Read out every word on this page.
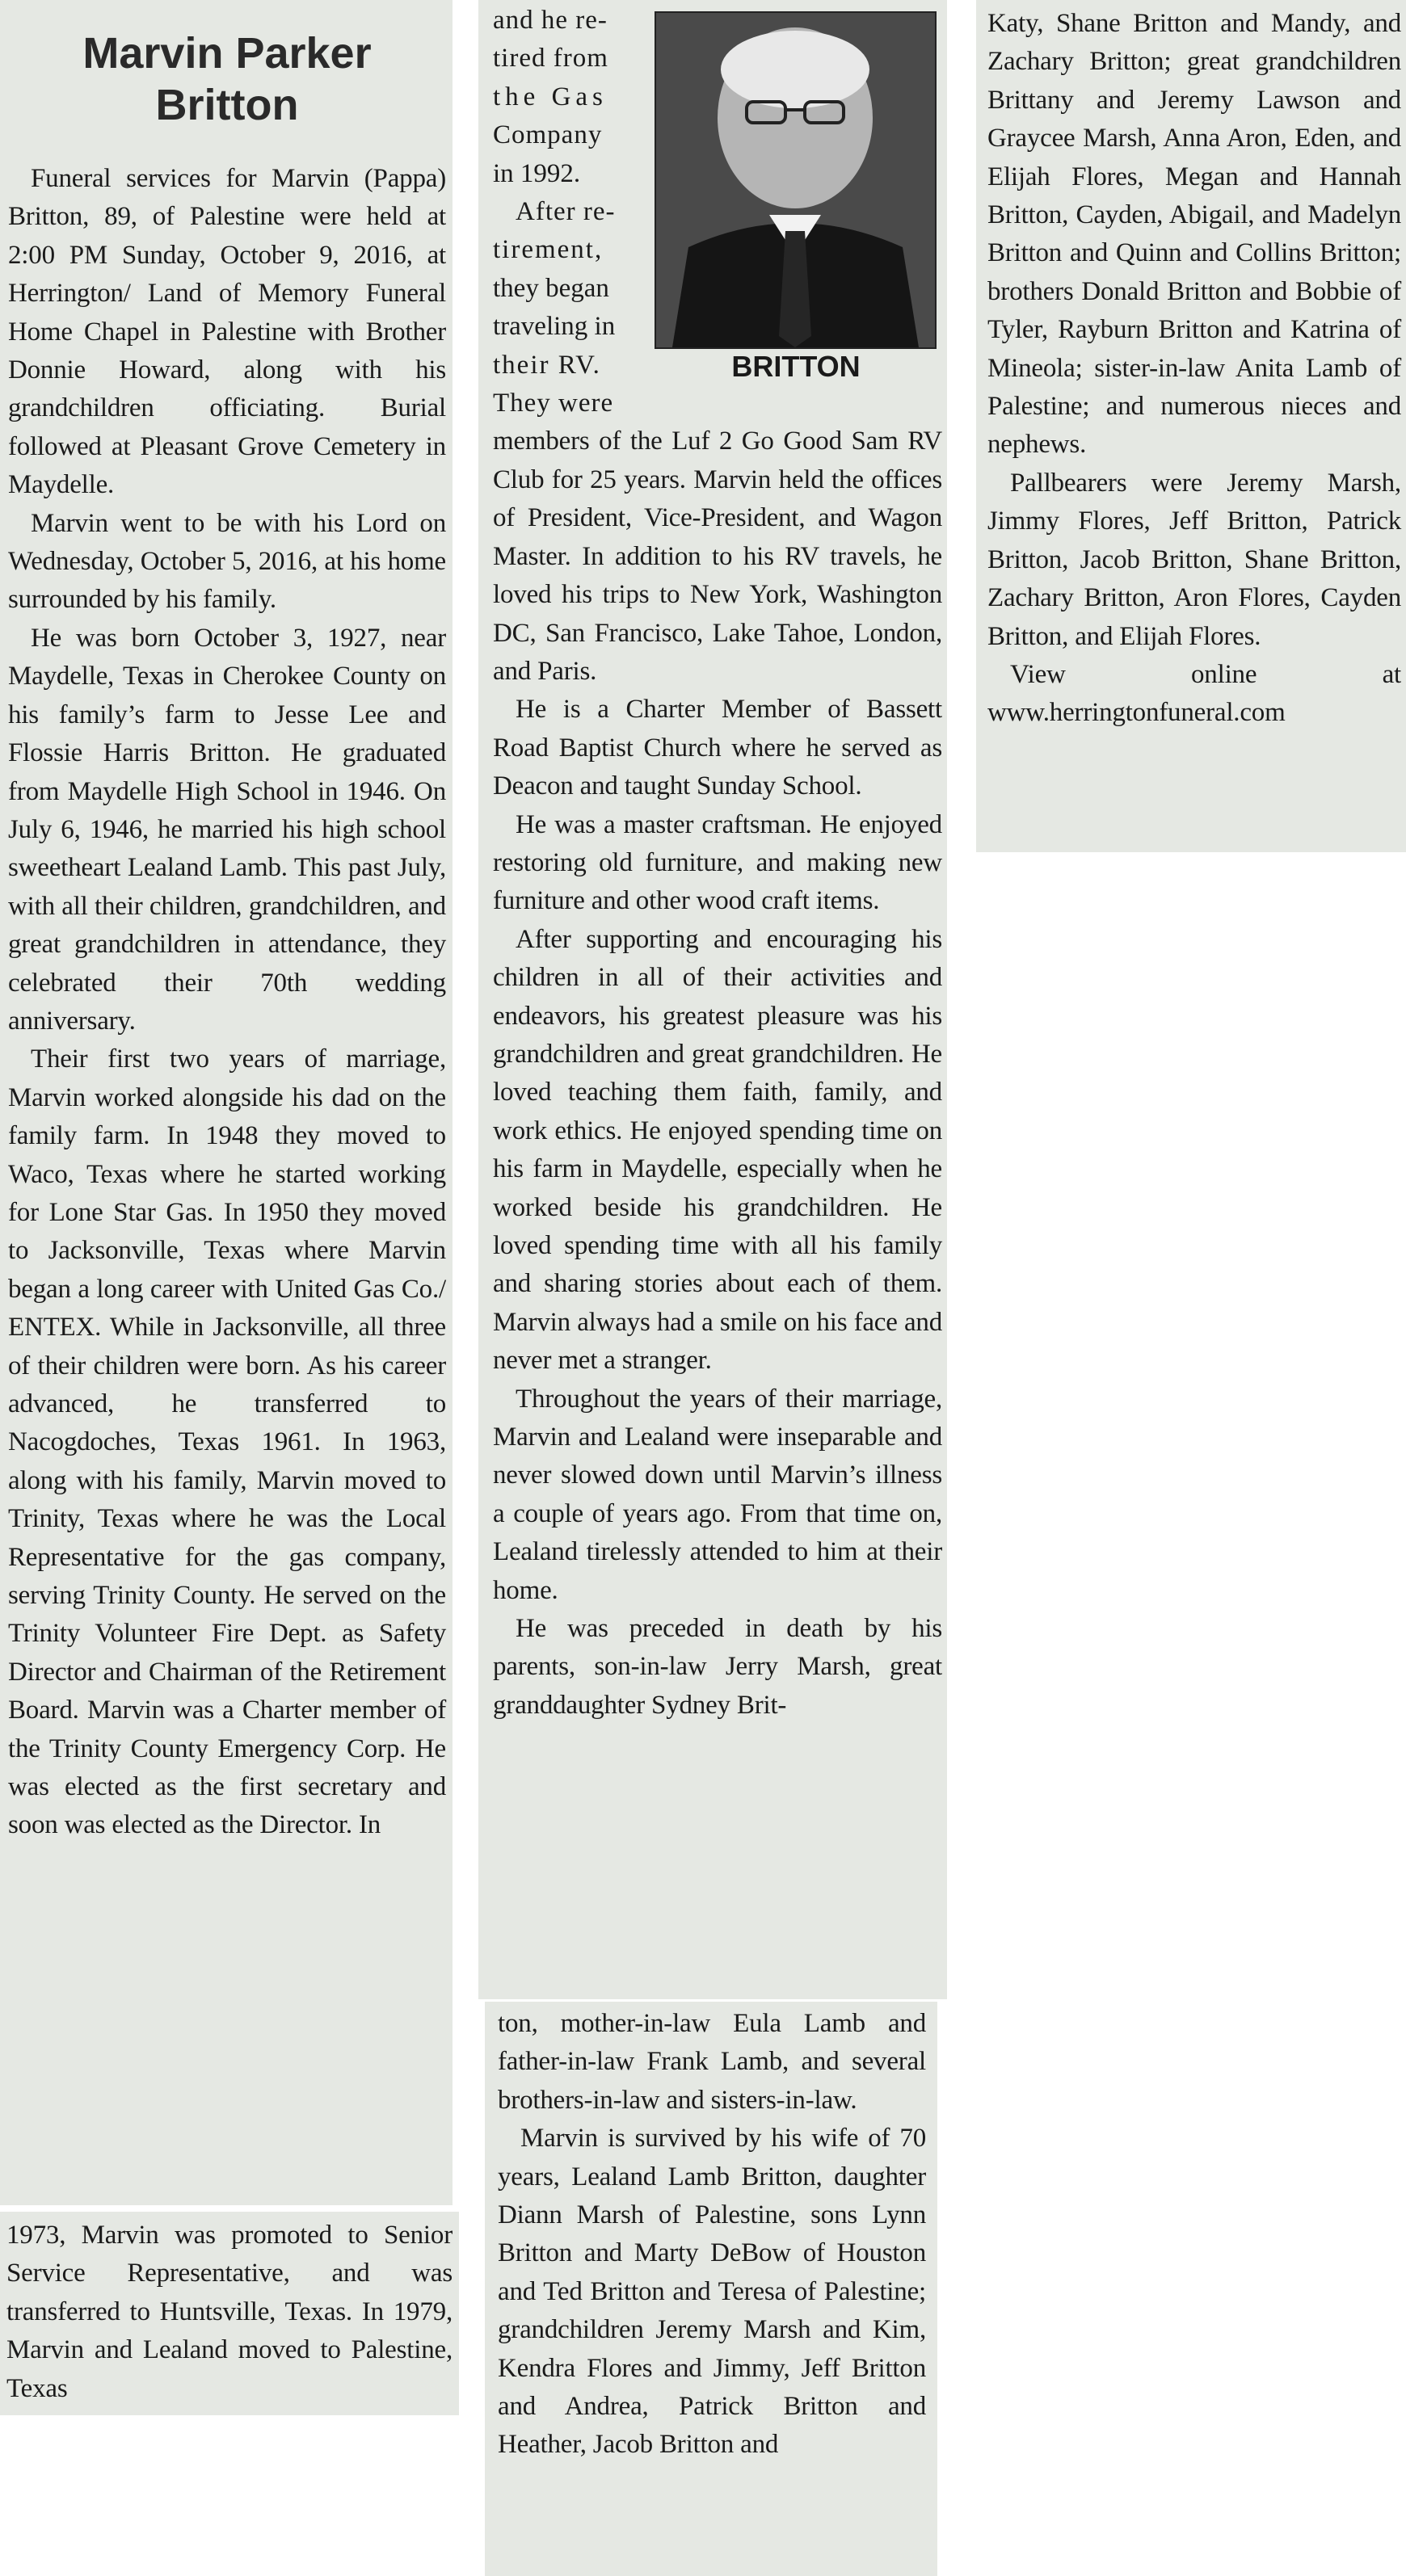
Marvin Parker
Britton

Funeral services for Marvin (Pappa) Britton, 89, of Palestine were held at 2:00 PM Sunday, October 9, 2016, at Herrington/ Land of Memory Funeral Home Chapel in Palestine with Brother Donnie Howard, along with his grandchildren officiating. Burial followed at Pleasant Grove Cemetery in Maydelle.

Marvin went to be with his Lord on Wednesday, October 5, 2016, at his home surrounded by his family.

He was born October 3, 1927, near Maydelle, Texas in Cherokee County on his family’s farm to Jesse Lee and Flossie Harris Britton. He graduated from Maydelle High School in 1946. On July 6, 1946, he married his high school sweetheart Lealand Lamb. This past July, with all their children, grandchildren, and great grandchildren in attendance, they celebrated their 70th wedding anniversary.

Their first two years of marriage, Marvin worked alongside his dad on the family farm. In 1948 they moved to Waco, Texas where he started working for Lone Star Gas. In 1950 they moved to Jacksonville, Texas where Marvin began a long career with United Gas Co./ ENTEX. While in Jacksonville, all three of their children were born. As his career advanced, he transferred to Nacogdoches, Texas 1961. In 1963, along with his family, Marvin moved to Trinity, Texas where he was the Local Representative for the gas company, serving Trinity County. He served on the Trinity Volunteer Fire Dept. as Safety Director and Chairman of the Retirement Board. Marvin was a Charter member of the Trinity County Emergency Corp. He was elected as the first secretary and soon was elected as the Director. In

1973, Marvin was promoted to Senior Service Representative, and was transferred to Huntsville, Texas. In 1979, Marvin and Lealand moved to Palestine, Texas

BRITTON
and he re-
tired from
the Gas
Company
in 1992.
After re-
tirement,
they began
traveling in
their RV.
They were

members of the Luf 2 Go Good Sam RV Club for 25 years. Marvin held the offices of President, Vice-President, and Wagon Master. In addition to his RV travels, he loved his trips to New York, Washington DC, San Francisco, Lake Tahoe, London, and Paris.

He is a Charter Member of Bassett Road Baptist Church where he served as Deacon and taught Sunday School.

He was a master craftsman. He enjoyed restoring old furniture, and making new furniture and other wood craft items.

After supporting and encouraging his children in all of their activities and endeavors, his greatest pleasure was his grandchildren and great grandchildren. He loved teaching them faith, family, and work ethics. He enjoyed spending time on his farm in Maydelle, especially when he worked beside his grandchildren. He loved spending time with all his family and sharing stories about each of them. Marvin always had a smile on his face and never met a stranger.

Throughout the years of their marriage, Marvin and Lealand were inseparable and never slowed down until Marvin’s illness a couple of years ago. From that time on, Lealand tirelessly attended to him at their home.

He was preceded in death by his parents, son-in-law Jerry Marsh, great granddaughter Sydney Brit-

ton, mother-in-law Eula Lamb and father-in-law Frank Lamb, and several brothers-in-law and sisters-in-law.

Marvin is survived by his wife of 70 years, Lealand Lamb Britton, daughter Diann Marsh of Palestine, sons Lynn Britton and Marty DeBow of Houston and Ted Britton and Teresa of Palestine; grandchildren Jeremy Marsh and Kim, Kendra Flores and Jimmy, Jeff Britton and Andrea, Patrick Britton and Heather, Jacob Britton and

Katy, Shane Britton and Mandy, and Zachary Britton; great grandchildren Brittany and Jeremy Lawson and Graycee Marsh, Anna Aron, Eden, and Elijah Flores, Megan and Hannah Britton, Cayden, Abigail, and Madelyn Britton and Quinn and Collins Britton; brothers Donald Britton and Bobbie of Tyler, Rayburn Britton and Katrina of Mineola; sister-in-law Anita Lamb of Palestine; and numerous nieces and nephews.

Pallbearers were Jeremy Marsh, Jimmy Flores, Jeff Britton, Patrick Britton, Jacob Britton, Shane Britton, Zachary Britton, Aron Flores, Cayden Britton, and Elijah Flores.

View online at www.herringtonfuneral.com
